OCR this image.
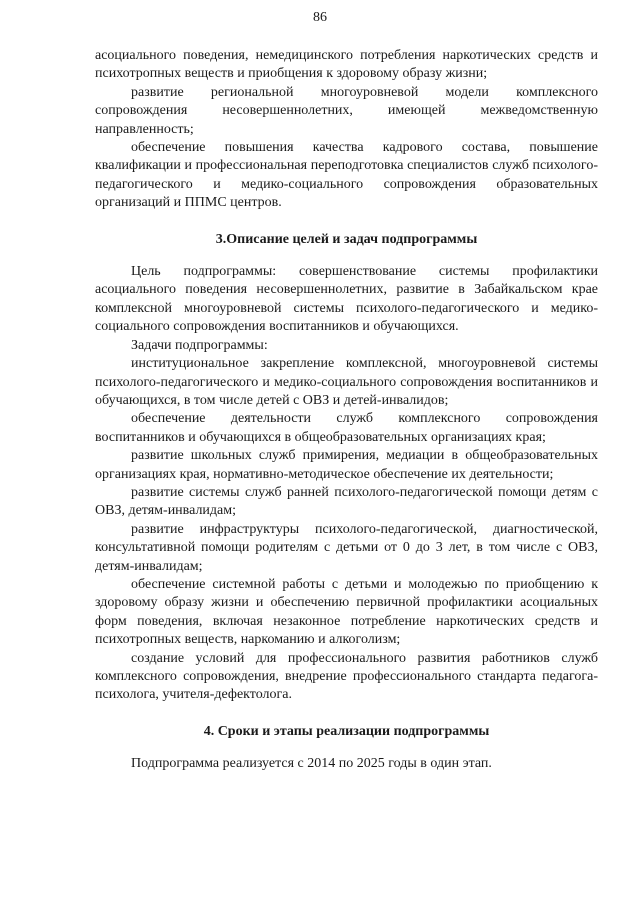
86

асоциального поведения, немедицинского потребления наркотических средств и психотропных веществ и приобщения к здоровому образу жизни;

развитие региональной многоуровневой модели комплексного сопровождения несовершеннолетних, имеющей межведомственную направленность;

обеспечение повышения качества кадрового состава, повышение квалификации и профессиональная переподготовка специалистов служб психолого-педагогического и медико-социального сопровождения образовательных организаций и ППМС центров.

3.Описание целей и задач подпрограммы

Цель подпрограммы: совершенствование системы профилактики асоциального поведения несовершеннолетних, развитие в Забайкальском крае комплексной многоуровневой системы психолого-педагогического и медико-социального сопровождения воспитанников и обучающихся.

Задачи подпрограммы:

институциональное закрепление комплексной, многоуровневой системы психолого-педагогического и медико-социального сопровождения воспитанников и обучающихся, в том числе детей с ОВЗ и детей-инвалидов;

обеспечение деятельности служб комплексного сопровождения воспитанников и обучающихся в общеобразовательных организациях края;

развитие школьных служб примирения, медиации в общеобразовательных организациях края, нормативно-методическое обеспечение их деятельности;

развитие системы служб ранней психолого-педагогической помощи детям с ОВЗ, детям-инвалидам;

развитие инфраструктуры психолого-педагогической, диагностической, консультативной помощи родителям с детьми от 0 до 3 лет, в том числе с ОВЗ, детям-инвалидам;

обеспечение системной работы с детьми и молодежью по приобщению к здоровому образу жизни и обеспечению первичной профилактики асоциальных форм поведения, включая незаконное потребление наркотических средств и психотропных веществ, наркоманию и алкоголизм;

создание условий для профессионального развития работников служб комплексного сопровождения, внедрение профессионального стандарта педагога-психолога, учителя-дефектолога.

4. Сроки и этапы реализации подпрограммы

Подпрограмма реализуется с 2014 по 2025 годы в один этап.
